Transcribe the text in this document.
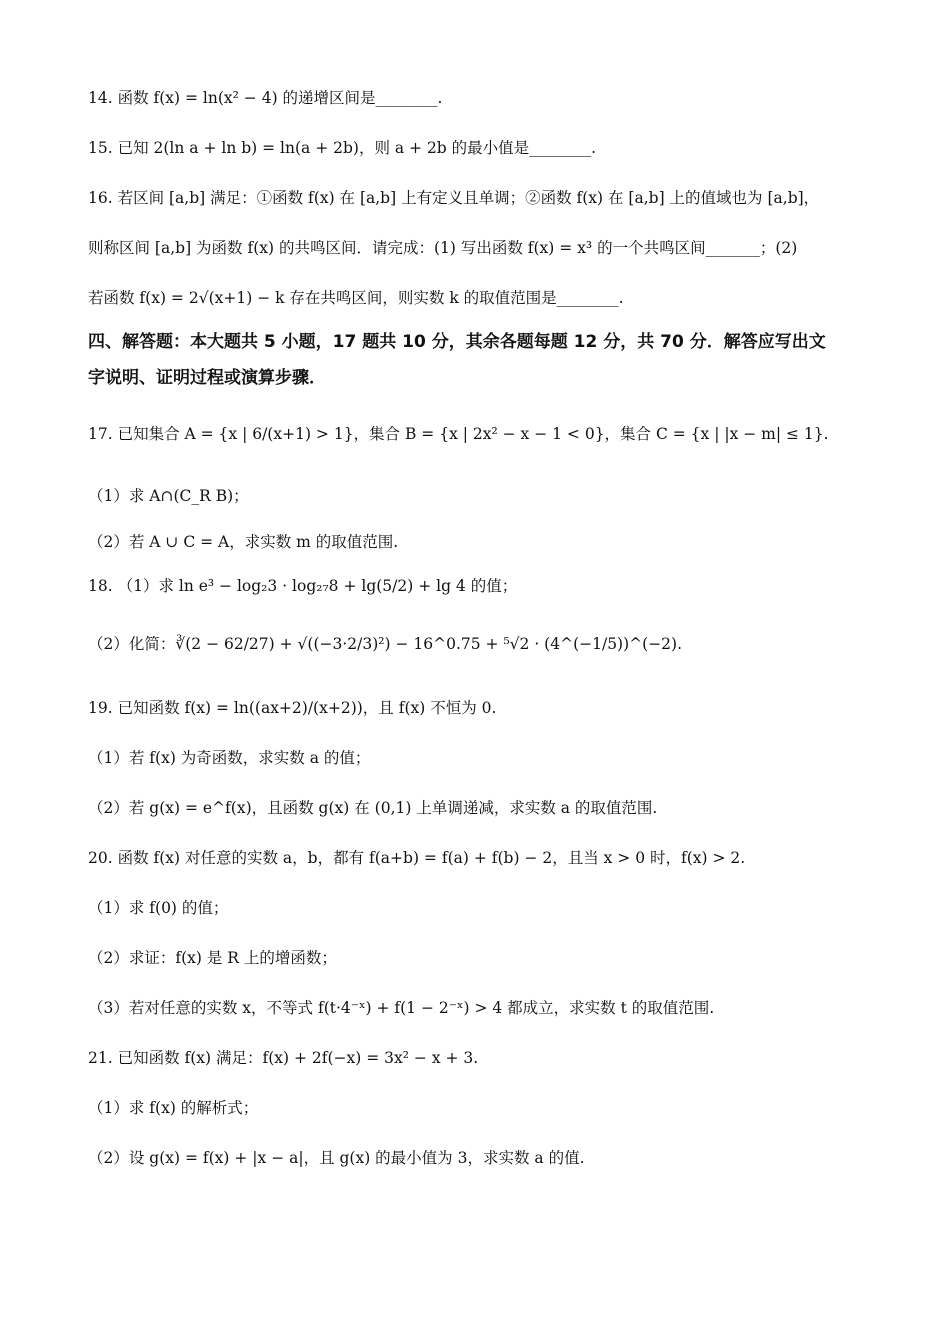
14. 函数 f(x) = ln(x² − 4) 的递增区间是________.
15. 已知 2(ln a + ln b) = ln(a + 2b)，则 a + 2b 的最小值是________.
16. 若区间 [a,b] 满足：①函数 f(x) 在 [a,b] 上有定义且单调；②函数 f(x) 在 [a,b] 上的值域也为 [a,b]，
则称区间 [a,b] 为函数 f(x) 的共鸣区间．请完成：(1) 写出函数 f(x) = x³ 的一个共鸣区间_______；(2)
若函数 f(x) = 2√(x+1) − k 存在共鸣区间，则实数 k 的取值范围是________.
四、解答题：本大题共 5 小题，17 题共 10 分，其余各题每题 12 分，共 70 分．解答应写出文
字说明、证明过程或演算步骤．
17. 已知集合 A = {x | 6/(x+1) > 1}，集合 B = {x | 2x² − x − 1 < 0}，集合 C = {x | |x − m| ≤ 1}.
（1）求 A∩(C_R B)；
（2）若 A ∪ C = A，求实数 m 的取值范围.
18. （1）求 ln e³ − log₂3 · log₂₇8 + lg(5/2) + lg 4 的值；
（2）化简：∛(2 − 62/27) + √((−3·2/3)²) − 16^0.75 + ⁵√2 · (4^(−1/5))^(−2).
19. 已知函数 f(x) = ln((ax+2)/(x+2))，且 f(x) 不恒为 0.
（1）若 f(x) 为奇函数，求实数 a 的值；
（2）若 g(x) = e^f(x)，且函数 g(x) 在 (0,1) 上单调递减，求实数 a 的取值范围.
20. 函数 f(x) 对任意的实数 a，b，都有 f(a+b) = f(a) + f(b) − 2，且当 x > 0 时，f(x) > 2.
（1）求 f(0) 的值；
（2）求证：f(x) 是 R 上的增函数；
（3）若对任意的实数 x，不等式 f(t·4⁻ˣ) + f(1 − 2⁻ˣ) > 4 都成立，求实数 t 的取值范围.
21. 已知函数 f(x) 满足：f(x) + 2f(−x) = 3x² − x + 3.
（1）求 f(x) 的解析式；
（2）设 g(x) = f(x) + |x − a|，且 g(x) 的最小值为 3，求实数 a 的值.
